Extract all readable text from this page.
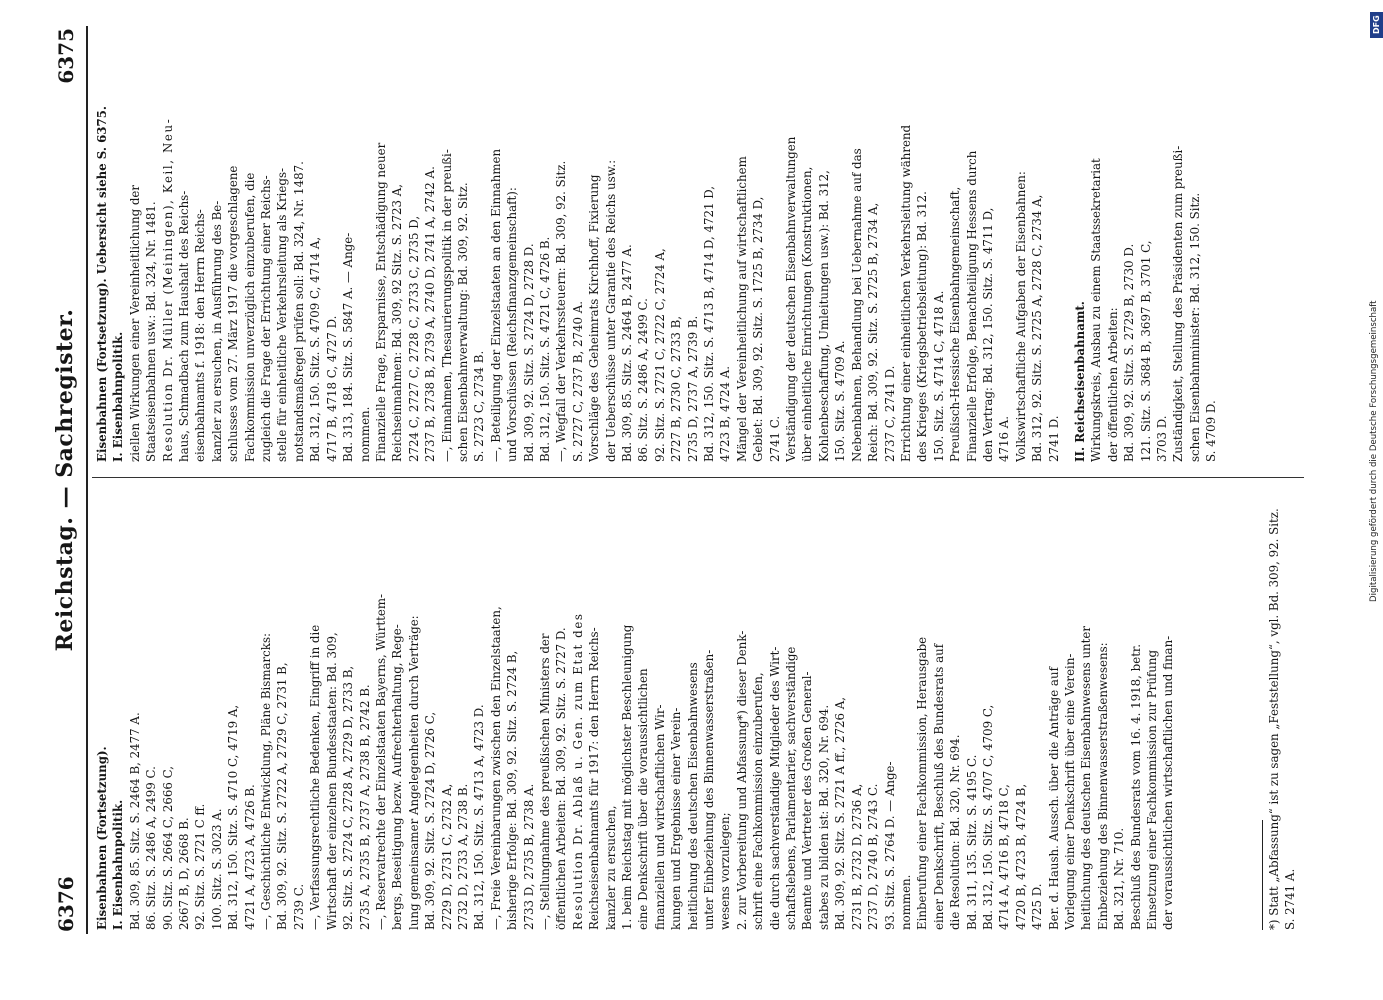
6376
Reichstag. — Sachregister.
6375
Eisenbahnen (Fortsetzung). I. Eisenbahnpolitik. Bd. 309, 85. Sitz. S. 2464 B, 2477 A. 86. Sitz. S. 2486 A, 2499 C. 90. Sitz. S. 2664 C, 2666 C, 2667 B, D, 2668 B. 92. Sitz. S. 2721 C ff. 100. Sitz. S. 3023 A. Bd. 312, 150. Sitz. S. 4710 C, 4719 A, 4721 A, 4723 A, 4726 B. —, Geschichtliche Entwicklung, Pläne Bismarcks: Bd. 309, 92. Sitz. S. 2722 A, 2729 C, 2731 B, 2739 C. —, Verfassungsrechtliche Bedenken, Eingriff in die Wirtschaft der einzelnen Bundesstaaten: Bd. 309, 92. Sitz. S. 2724 C, 2728 A, 2729 D, 2733 B, 2735 A, 2735 B, 2737 A, 2738 B, 2742 B. —, Reservatrechte der Einzelstaaten Bayerns, Württem- bergs, Beseitigung bezw. Aufrechterhaltung, Rege- lung gemeinsamer Angelegenheiten durch Verträge: Bd. 309, 92. Sitz. S. 2724 D, 2726 C, 2729 D, 2731 C, 2732 A, 2732 D, 2733 A, 2738 B. Bd. 312, 150. Sitz. S. 4713 A, 4723 D. —, Freie Vereinbarungen zwischen den Einzelstaaten, bisherige Erfolge: Bd. 309, 92. Sitz. S. 2724 B, 2733 D, 2735 B, 2738 A. —, Stellungnahme des preußischen Ministers der öffentlichen Arbeiten: Bd. 309, 92. Sitz. S. 2727 D. Resolution Dr. Ablaß u. Gen. zum Etat des Reichseisenbahnamts für 1917: den Herrn Reichs- kanzler zu ersuchen, 1. beim Reichstag mit möglichster Beschleunigung eine Denkschrift über die voraussichtlichen finanziellen und wirtschaftlichen Wir- kungen und Ergebnisse einer Verein- heitlichung des deutschen Eisenbahnwesens unter Einbeziehung des Binnenwasserstraßen- wesens vorzulegen; 2. zur Vorbereitung und Abfassung*) dieser Denk- schrift eine Fachkommission einzuberufen, die durch sachverständige Mitglieder des Wirt- schaftslebens, Parlamentarier, sachverständige Beamte und Vertreter des Großen General- stabes zu bilden ist: Bd. 320, Nr. 694. Bd. 309, 92. Sitz. S. 2721 A ff., 2726 A, 2731 B, 2732 D, 2736 A, 2737 D, 2740 B, 2743 C. 93. Sitz. S. 2764 D. — Ange- nommen. Einberufung einer Fachkommission, Herausgabe einer Denkschrift, Beschluß des Bundesrats auf die Resolution: Bd. 320, Nr. 694. Bd. 311, 135. Sitz. S. 4195 C. Bd. 312, 150. Sitz. S. 4707 C, 4709 C, 4714 A, 4716 B, 4718 C, 4720 B, 4723 B, 4724 B, 4725 D. Ber. d. Haush. Aussch. über die Anträge auf Vorlegung einer Denkschrift über eine Verein- heitlichung des deutschen Eisenbahnwesens unter Einbeziehung des Binnenwasserstraßenwesens: Bd. 321, Nr. 710. Beschluß des Bundesrats vom 16. 4. 1918, betr. Einsetzung einer Fachkommission zur Prüfung der voraussichtlichen wirtschaftlichen und finan-
Eisenbahnen (Fortsetzung). Uebersicht siehe S. 6375. I. Eisenbahnpolitik. ziellen Wirkungen einer Vereinheitlichung der Staatseisenbahnen usw.: Bd. 324, Nr. 1481. Resolution Dr. Müller (Meiningen), Keil, Neu- haus, Schmadbach zum Haushalt des Reichs- eisenbahnamts f. 1918: den Herrn Reichs- kanzler zu ersuchen, in Ausführung des Be- schlusses vom 27. März 1917 die vorgeschlagene Fachkommission unverzüglich einzuberufen, die zugleich die Frage der Errichtung einer Reichs- stelle für einheitliche Verkehrsleitung als Kriegs- notstandsmaßregel prüfen soll: Bd. 324, Nr. 1487. Bd. 312, 150. Sitz. S. 4709 C, 4714 A, 4717 B, 4718 C, 4727 D. Bd. 313, 184. Sitz. S. 5847 A. — Ange- nommen. Finanzielle Frage, Ersparnisse, Entschädigung neuer Reichseinnahmen: Bd. 309, 92 Sitz. S. 2723 A, 2724 C, 2727 C, 2728 C, 2733 C, 2735 D, 2737 B, 2738 B, 2739 A, 2740 D, 2741 A, 2742 A. —, Einnahmen, Thesaurierungspolitik in der preußi- schen Eisenbahnverwaltung: Bd. 309, 92. Sitz. S. 2723 C, 2734 B. —, Beteiligung der Einzelstaaten an den Einnahmen und Vorschüssen (Reichsfinanzgemeinschaft): Bd. 309, 92. Sitz. S. 2724 D, 2728 D. Bd. 312, 150. Sitz. S. 4721 C, 4726 B. —, Wegfall der Verkehrssteuern: Bd. 309, 92. Sitz. S. 2727 C, 2737 B, 2740 A. Vorschläge des Geheimrats Kirchhoff, Fixierung der Ueberschüsse unter Garantie des Reichs usw.: Bd. 309, 85. Sitz. S. 2464 B, 2477 A. 86. Sitz. S. 2486 A, 2499 C. 92. Sitz. S. 2721 C, 2722 C, 2724 A, 2727 B, 2730 C, 2733 B, 2735 D, 2737 A, 2739 B. Bd. 312, 150. Sitz. S. 4713 B, 4714 D, 4721 D, 4723 B, 4724 A. Mängel der Vereinheitlichung auf wirtschaftlichem Gebiet: Bd. 309, 92. Sitz. S. 1725 B, 2734 D, 2741 C. Verständigung der deutschen Eisenbahnverwaltungen über einheitliche Einrichtungen (Konstruktionen, Kohlenbeschaffung, Umleitungen usw.): Bd. 312, 150. Sitz. S. 4709 A. Nebenbahnen, Behandlung bei Uebernahme auf das Reich: Bd. 309, 92. Sitz. S. 2725 B, 2734 A, 2737 C, 2741 D. Errichtung einer einheitlichen Verkehrsleitung während des Krieges (Kriegsbetriebsleitung): Bd. 312. 150. Sitz. S. 4714 C, 4718 A. Preußisch-Hessische Eisenbahngemeinschaft, Finanzielle Erfolge, Benachteiligung Hessens durch den Vertrag: Bd. 312, 150. Sitz. S. 4711 D, 4716 A. Volkswirtschaftliche Aufgaben der Eisenbahnen: Bd. 312, 92. Sitz. S. 2725 A, 2728 C, 2734 A, 2741 D. II. Reichseisenbahnamt. Wirkungskreis, Ausbau zu einem Staatssekretariat der öffentlichen Arbeiten: Bd. 309, 92. Sitz. S. 2729 B, 2730 D. 121. Sitz. S. 3684 B, 3697 B, 3701 C, 3703 D. Zuständigkeit, Stellung des Präsidenten zum preußi- schen Eisenbahnminister: Bd. 312, 150. Sitz. S. 4709 D.
*) Statt „Abfassung“ ist zu sagen „Feststellung“, vgl. Bd. 309, 92. Sitz. S. 2741 A.
DFG
Digitalisierung gefördert durch die Deutsche Forschungsgemeinschaft
